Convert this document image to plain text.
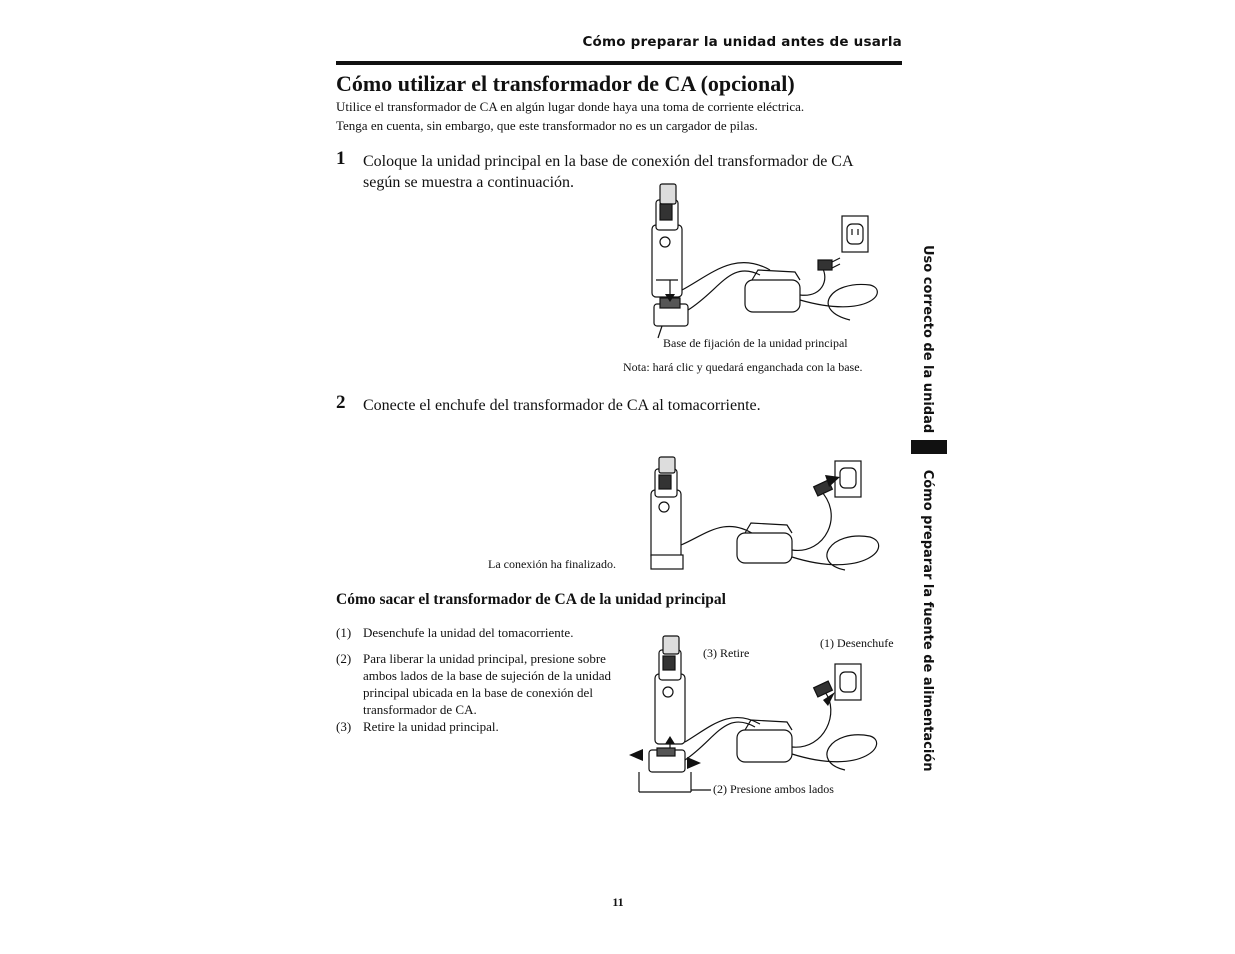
Cómo preparar la unidad antes de usarla
Cómo utilizar el transformador de CA (opcional)
Utilice el transformador de CA en algún lugar donde haya una toma de corriente eléctrica.
Tenga en cuenta, sin embargo, que este transformador no es un cargador de pilas.
1 Coloque la unidad principal en la base de conexión del transformador de CA
según se muestra a continuación.
Base de fijación de la unidad principal
Nota: hará clic y quedará enganchada con la base.
2 Conecte el enchufe del transformador de CA al tomacorriente.
La conexión ha finalizado.
Cómo sacar el transformador de CA de la unidad principal
(1) Desenchufe la unidad del tomacorriente.
(2) Para liberar la unidad principal, presione sobre ambos lados de la base de sujeción de la unidad principal ubicada en la base de conexión del transformador de CA.
(3) Retire la unidad principal.
(3) Retire
(1) Desenchufe
(2) Presione ambos lados
Uso correcto de la unidad Cómo preparar la fuente de alimentación
11
